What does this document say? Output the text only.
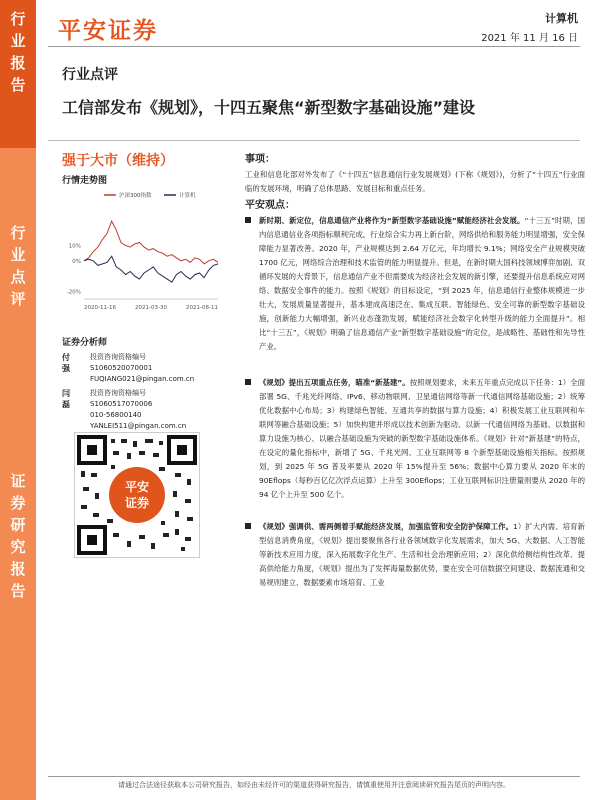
行
业
报
告
行
业
点
评
证
券
研
究
报
告
平安证券	计算机
2021 年 11 月 16 日
行业点评
工信部发布《规划》，十四五聚焦“新型数字基础设施”建设
强于大市（维持）
行情走势图
沪深300指数	计算机
10%
0%
-20%
2020-11-16	2021-03-30	2021-08-11
证券分析师
付强
投资咨询资格编号
S1060520070001
FUQIANG021@pingan.com.cn
闫磊
投资咨询资格编号
S1060517070006
010-56800140
YANLEI511@pingan.com.cn
平安
证券

事项：

工业和信息化部对外发布了《“十四五”信息通信行业发展规划》(下称《规划》)，分析了“十四五”行业面临的发展环境，明确了总体思路、发展目标和重点任务。

平安观点：

新时期、新定位，信息通信产业将作为“新型数字基础设施”赋能经济社会发展。“十三五”时期，国内信息通信业各项指标顺利完成，行业综合实力再上新台阶，网络供给和服务能力明显增强，安全保障能力显著改善。2020 年，产业规模达到 2.64 万亿元，年均增长 9.1%；网络安全产业规模突破 1700 亿元，网络综合治理和技术监管的能力明显提升。但是，在新时期大国科技领域博弈加剧、双循环发展的大背景下，信息通信产业不但需要成为经济社会发展的新引擎，还要提升信息系统应对网络、数据安全事件的能力。按照《规划》的目标设定，“到 2025 年，信息通信行业整体规模进一步壮大，发展质量显著提升，基本建成高速泛在、集成互联、智能绿色、安全可靠的新型数字基础设施，创新能力大幅增强，新兴业态蓬勃发展，赋能经济社会数字化转型升级的能力全面提升”。相比“十三五”，《规划》明确了信息通信产业“新型数字基础设施”的定位，是战略性、基础性和先导性产业。
《规划》提出五项重点任务，瞄准“新基建”。按照规划要求，未来五年重点完成以下任务：1）全面部署 5G、千兆光纤网络、IPv6、移动物联网、卫星通信网络等新一代通信网络基础设施；2）统筹优化数据中心布局；3）构建绿色智能、互通共享的数据与算力设施；4）积极发展工业互联网和车联网等融合基础设施；5）加快构建并形成以技术创新为驱动、以新一代通信网络为基础、以数据和算力设施为核心、以融合基础设施为突破的新型数字基础设施体系。《规划》针对“新基建”的特点，在设定的量化指标中，新增了 5G、千兆光网、工业互联网等 8 个新型基础设施相关指标。按照规划，到 2025 年 5G 普及率要从 2020 年 15%提升至 56%；数据中心算力要从 2020 年末的 90Eflops（每秒百亿亿次浮点运算）上升至 300Eflops；工业互联网标识注册量则要从 2020 年的 94 亿个上升至 500 亿个。
《规划》强调供、需两侧着手赋能经济发展，加强监管和安全防护保障工作。1）扩大内需、培育新型信息消费角度，《规划》提出要聚焦各行业各领域数字化发展需求，加大 5G、大数据、人工智能等新技术应用力度，深入拓展数字化生产、生活和社会治理新应用；2）深化供给侧结构性改革、提高供给能力角度，《规划》提出为了发挥海量数据优势，要在安全可信数据空间建设、数据流通和交易规则建立、数据要素市场培育、工业
请通过合法途径获取本公司研究报告，如经由未经许可的渠道获得研究报告，请慎重使用并注意阅读研究报告尾页的声明内容。
